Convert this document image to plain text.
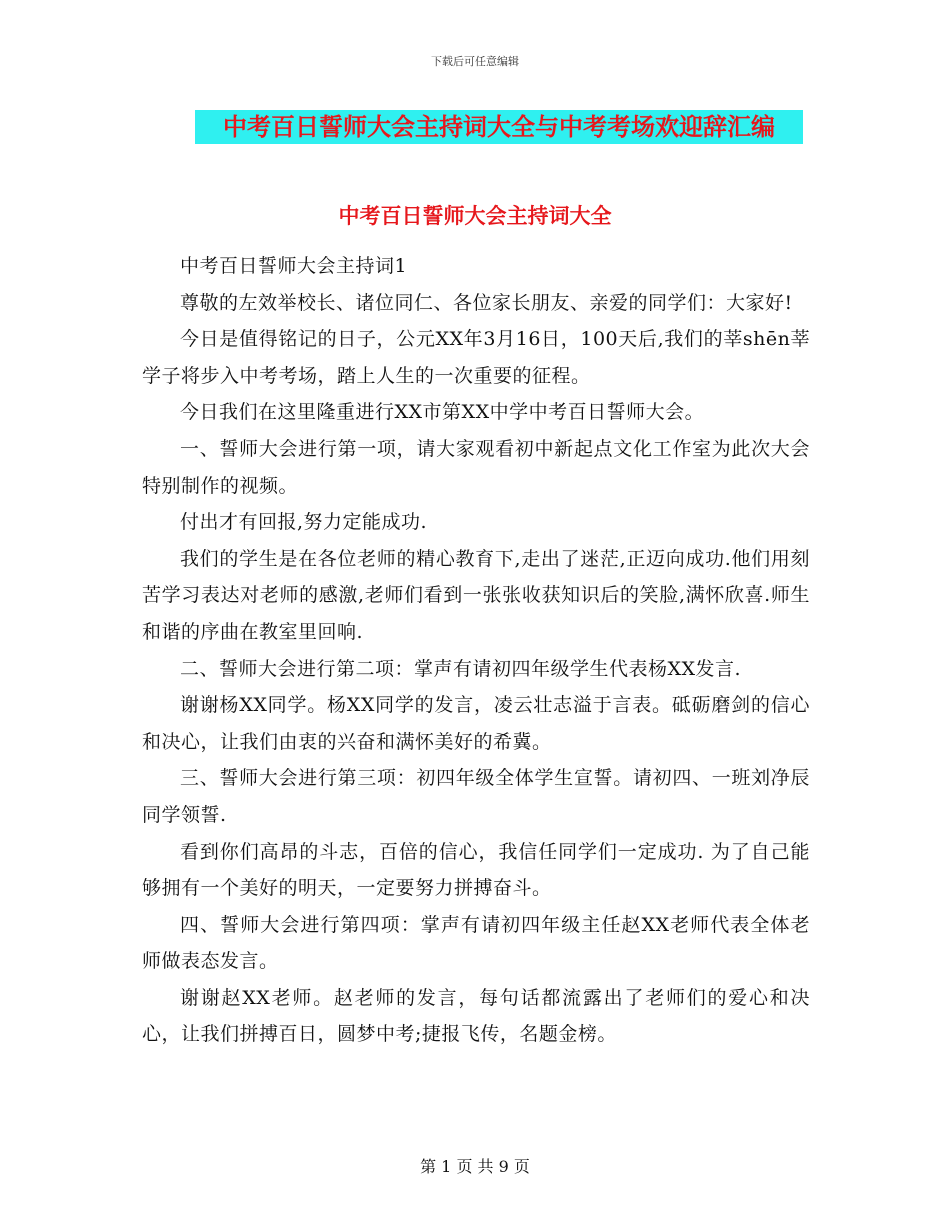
下载后可任意编辑
中考百日誓师大会主持词大全与中考考场欢迎辞汇编
中考百日誓师大会主持词大全

中考百日誓师大会主持词1

尊敬的左效举校长、诸位同仁、各位家长朋友、亲爱的同学们：大家好!

今日是值得铭记的日子，公元XX年3月16日，100天后,我们的莘shēn莘学子将步入中考考场，踏上人生的一次重要的征程。

今日我们在这里隆重进行XX市第XX中学中考百日誓师大会。

一、誓师大会进行第一项，请大家观看初中新起点文化工作室为此次大会特别制作的视频。

付出才有回报,努力定能成功.

我们的学生是在各位老师的精心教育下,走出了迷茫,正迈向成功.他们用刻苦学习表达对老师的感激,老师们看到一张张收获知识后的笑脸,满怀欣喜.师生和谐的序曲在教室里回响.

二、誓师大会进行第二项：掌声有请初四年级学生代表杨XX发言.

谢谢杨XX同学。杨XX同学的发言，凌云壮志溢于言表。砥砺磨剑的信心和决心，让我们由衷的兴奋和满怀美好的希冀。

三、誓师大会进行第三项：初四年级全体学生宣誓。请初四、一班刘净辰同学领誓.

看到你们高昂的斗志，百倍的信心，我信任同学们一定成功. 为了自己能够拥有一个美好的明天，一定要努力拼搏奋斗。

四、誓师大会进行第四项：掌声有请初四年级主任赵XX老师代表全体老师做表态发言。

谢谢赵XX老师。赵老师的发言，每句话都流露出了老师们的爱心和决心，让我们拼搏百日，圆梦中考;捷报飞传，名题金榜。

第 1 页 共 9 页
